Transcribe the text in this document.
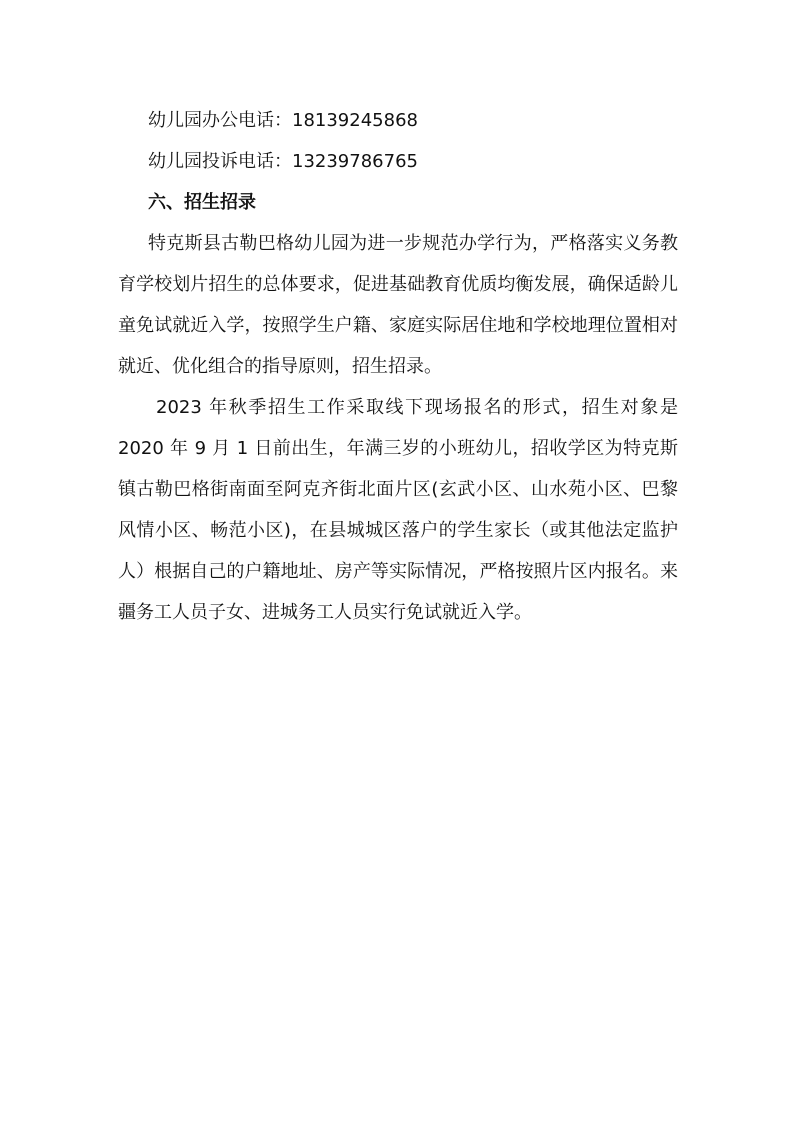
幼儿园办公电话：18139245868
幼儿园投诉电话：13239786765
六、招生招录

特克斯县古勒巴格幼儿园为进一步规范办学行为，严格落实义务教育学校划片招生的总体要求，促进基础教育优质均衡发展，确保适龄儿童免试就近入学，按照学生户籍、家庭实际居住地和学校地理位置相对就近、优化组合的指导原则，招生招录。

2023 年秋季招生工作采取线下现场报名的形式，招生对象是 2020 年 9 月 1 日前出生，年满三岁的小班幼儿，招收学区为特克斯镇古勒巴格街南面至阿克齐街北面片区(玄武小区、山水苑小区、巴黎风情小区、畅范小区)，在县城城区落户的学生家长（或其他法定监护人）根据自己的户籍地址、房产等实际情况，严格按照片区内报名。来疆务工人员子女、进城务工人员实行免试就近入学。
